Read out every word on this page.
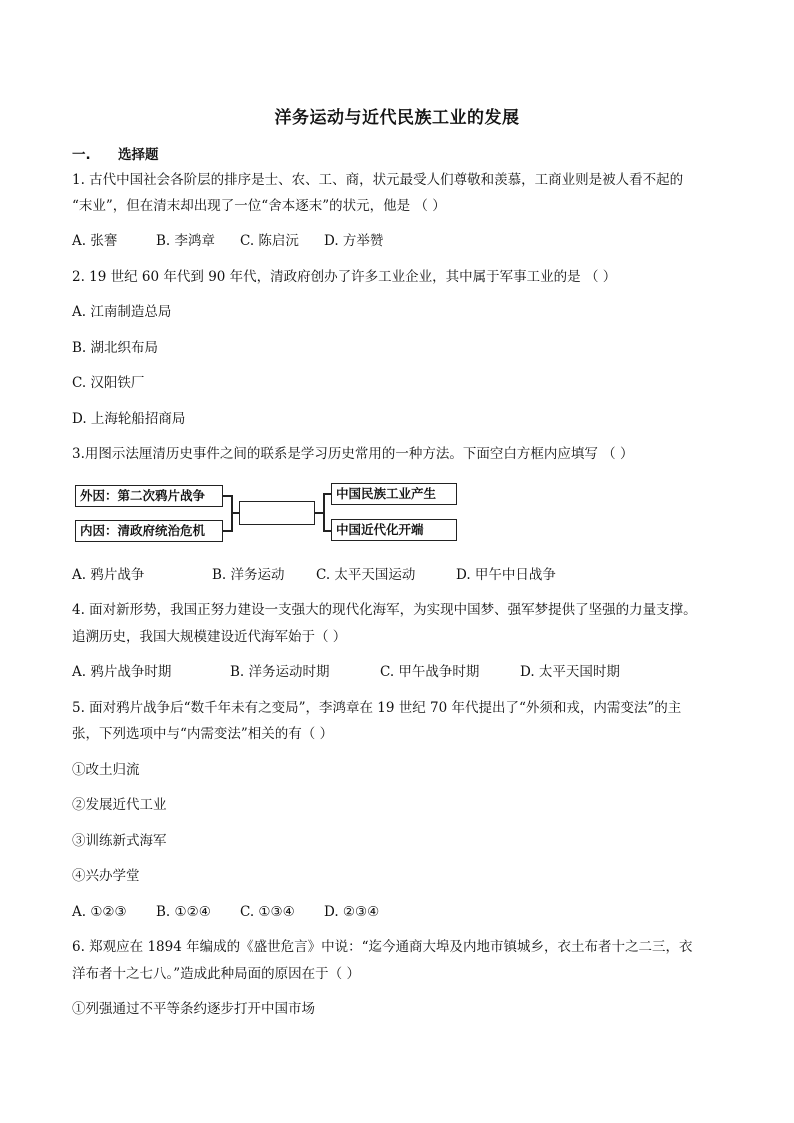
洋务运动与近代民族工业的发展
一. 选择题
1. 古代中国社会各阶层的排序是士、农、工、商，状元最受人们尊敬和羡慕，工商业则是被人看不起的
“末业”，但在清末却出现了一位“舍本逐末”的状元，他是 （ ）
A. 张謇	B. 李鸿章 C. 陈启沅 D. 方举赞
2. 19 世纪 60 年代到 90 年代，清政府创办了许多工业企业，其中属于军事工业的是 （ ）
A. 江南制造总局
B. 湖北织布局
C. 汉阳铁厂
D. 上海轮船招商局
3.用图示法厘清历史事件之间的联系是学习历史常用的一种方法。下面空白方框内应填写 （ ）
外因：第二次鸦片战争
内因：清政府统治危机
中国民族工业产生
中国近代化开端
A. 鸦片战争	B. 洋务运动 C. 太平天国运动	D. 甲午中日战争
4. 面对新形势，我国正努力建设一支强大的现代化海军，为实现中国梦、强军梦提供了坚强的力量支撑。
追溯历史，我国大规模建设近代海军始于（ ）
A. 鸦片战争时期	B. 洋务运动时期	C. 甲午战争时期	D. 太平天国时期
5. 面对鸦片战争后“数千年未有之变局”，李鸿章在 19 世纪 70 年代提出了“外须和戎，内需变法”的主
张，下列选项中与“内需变法”相关的有（ ）
①改土归流
②发展近代工业
③训练新式海军
④兴办学堂
A. ①②③ B. ①②④ C. ①③④ D. ②③④
6. 郑观应在 1894 年编成的《盛世危言》中说：“迄今通商大埠及内地市镇城乡，衣土布者十之二三，衣
洋布者十之七八。”造成此种局面的原因在于（ ）
①列强通过不平等条约逐步打开中国市场
